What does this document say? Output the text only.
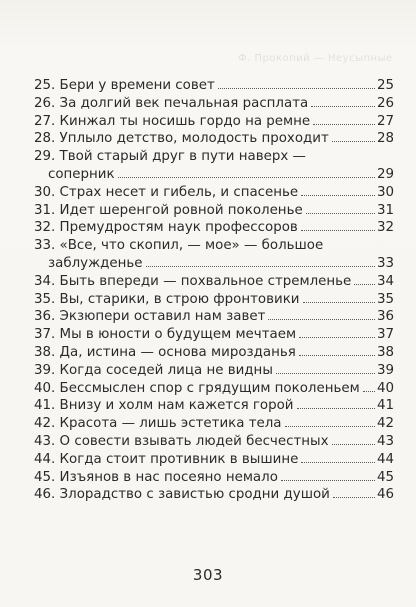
Ф. Прокопий — Неусыпные
25. Бери у времени совет	25
26. За долгий век печальная расплата	26
27. Кинжал ты носишь гордо на ремне	27
28. Уплыло детство, молодость проходит	28
29. Твой старый друг в пути наверх —
соперник	29
30. Страх несет и гибель, и спасенье	30
31. Идет шеренгой ровной поколенье	31
32. Премудростям наук профессоров	32
33. «Все, что скопил, — мое» — большое
заблужденье	33
34. Быть впереди — похвальное стремленье 34
35. Вы, старики, в строю фронтовики	35
36. Экзюпери оставил нам завет	36
37. Мы в юности о будущем мечтаем	37
38. Да, истина — основа мирозданья	38
39. Когда соседей лица не видны	39
40. Бессмыслен спор с грядущим поколеньем 40
41. Внизу и холм нам кажется горой	41
42. Красота — лишь эстетика тела	42
43. О совести взывать людей бесчестных	43
44. Когда стоит противник в вышине	44
45. Изъянов в нас посеяно немало	45
46. Злорадство с завистью сродни душой	46
303
